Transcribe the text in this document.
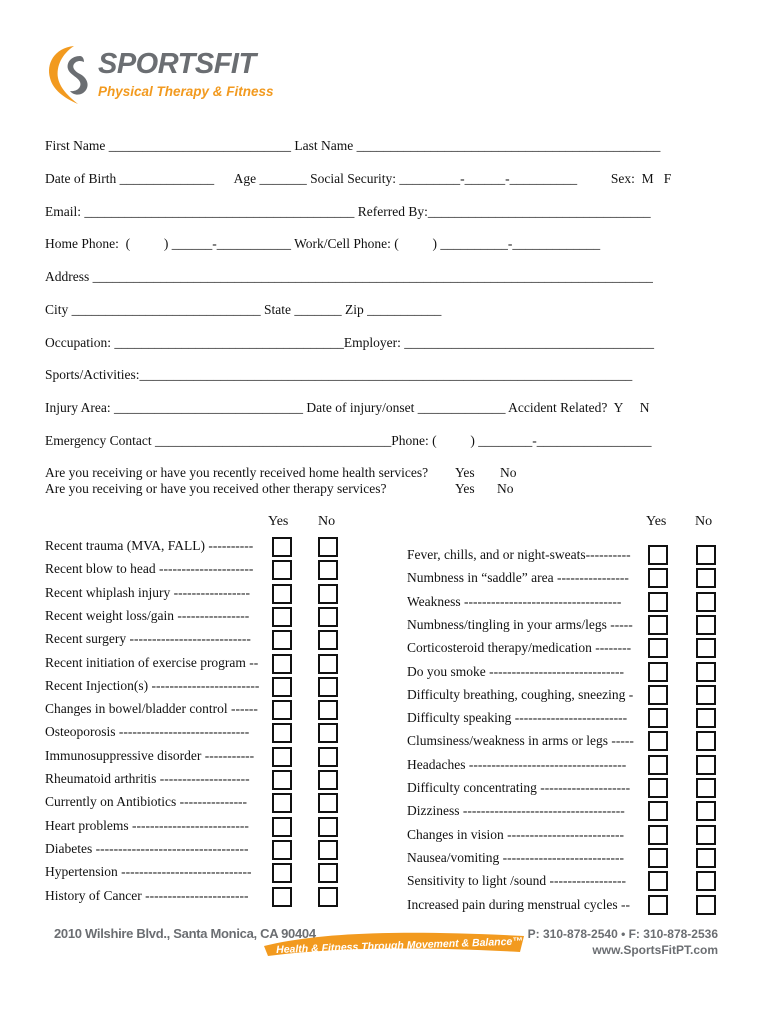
SPORTSFIT
Physical Therapy & Fitness
First Name ___________________________ Last Name _____________________________________________
Date of Birth ______________      Age _______ Social Security: _________-______-__________          Sex:  M   F
Email: ________________________________________ Referred By:_________________________________
Home Phone:  (          ) ______-___________ Work/Cell Phone: (          ) __________-_____________
Address ___________________________________________________________________________________
City ____________________________ State _______ Zip ___________
Occupation: __________________________________Employer: _____________________________________
Sports/Activities:_________________________________________________________________________
Injury Area: ____________________________ Date of injury/onset _____________ Accident Related?  Y     N
Emergency Contact ___________________________________Phone: (          ) ________-_________________
Are you receiving or have you recently received home health services? Yes No
Are you receiving or have you received other therapy services?	Yes No
Yes No	Yes No
Recent trauma (MVA, FALL) ----------
Recent blow to head ---------------------
Recent whiplash injury -----------------
Recent weight loss/gain ----------------
Recent surgery ---------------------------
Recent initiation of exercise program --
Recent Injection(s) ------------------------
Changes in bowel/bladder control ------
Osteoporosis -----------------------------
Immunosuppressive disorder -----------
Rheumatoid arthritis --------------------
Currently on Antibiotics ---------------
Heart problems --------------------------
Diabetes ----------------------------------
Hypertension -----------------------------
History of Cancer -----------------------
Fever, chills, and or night-sweats----------
Numbness in “saddle” area ----------------
Weakness -----------------------------------
Numbness/tingling in your arms/legs -----
Corticosteroid therapy/medication --------
Do you smoke ------------------------------
Difficulty breathing, coughing, sneezing -
Difficulty speaking -------------------------
Clumsiness/weakness in arms or legs -----
Headaches -----------------------------------
Difficulty concentrating --------------------
Dizziness ------------------------------------
Changes in vision --------------------------
Nausea/vomiting ---------------------------
Sensitivity to light /sound -----------------
Increased pain during menstrual cycles --
2010 Wilshire Blvd., Santa Monica, CA 90404
Health & Fitness Through Movement & Balance™
P: 310-878-2540 • F: 310-878-2536
www.SportsFitPT.com
